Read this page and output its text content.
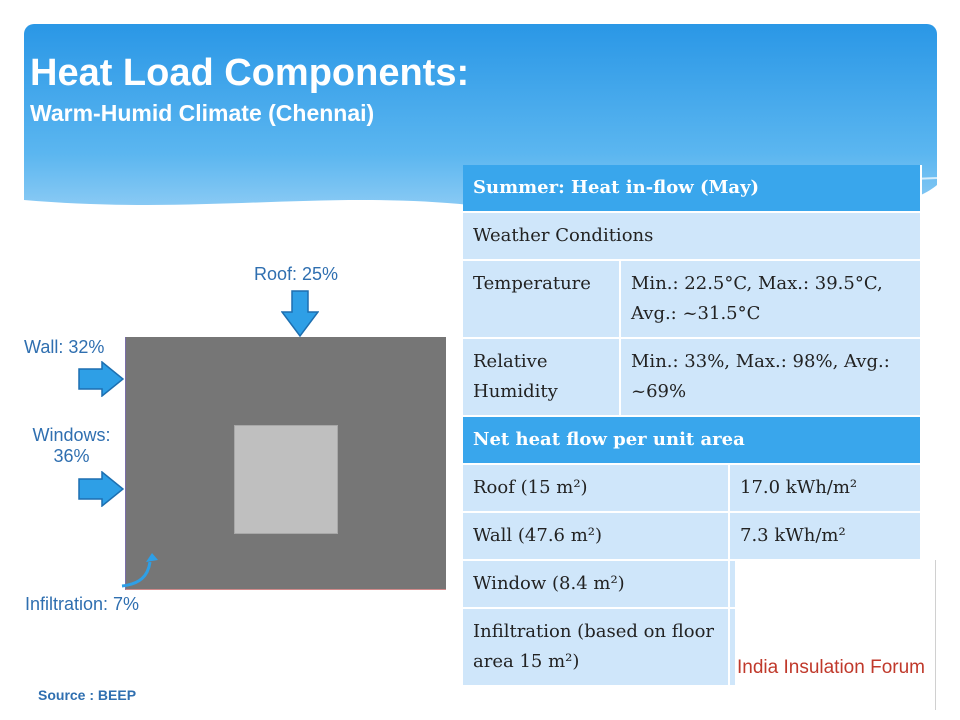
Heat Load Components:
Warm-Humid Climate (Chennai)
Roof: 25%
Wall: 32%
Windows:
36%
Infiltration: 7%
Summer: Heat in-flow (May)		
Weather Conditions		
Temperature	Min.: 22.5°C, Max.: 39.5°C, Avg.: ~31.5°C	
Relative Humidity	Min.: 33%, Max.: 98%, Avg.: ~69%	
Net heat flow per unit area		
Roof (15 m²)		17.0 kWh/m²
Wall (47.6 m²)		7.3 kWh/m²
Window (8.4 m²)	
Infiltration (based on floor area 15 m²)		India Insulation Forum
Source : BEEP
